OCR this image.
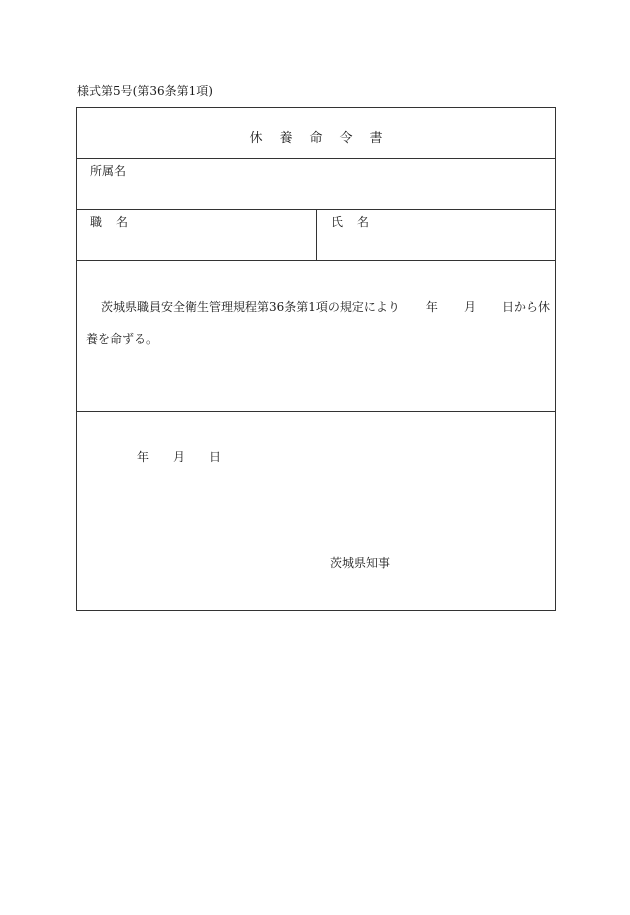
様式第5号(第36条第1項)
休養命令書
所属名
職名	氏名
茨城県職員安全衛生管理規程第36条第1項の規定により 年 月 日から休
養を命ずる。
年 月 日
茨城県知事
